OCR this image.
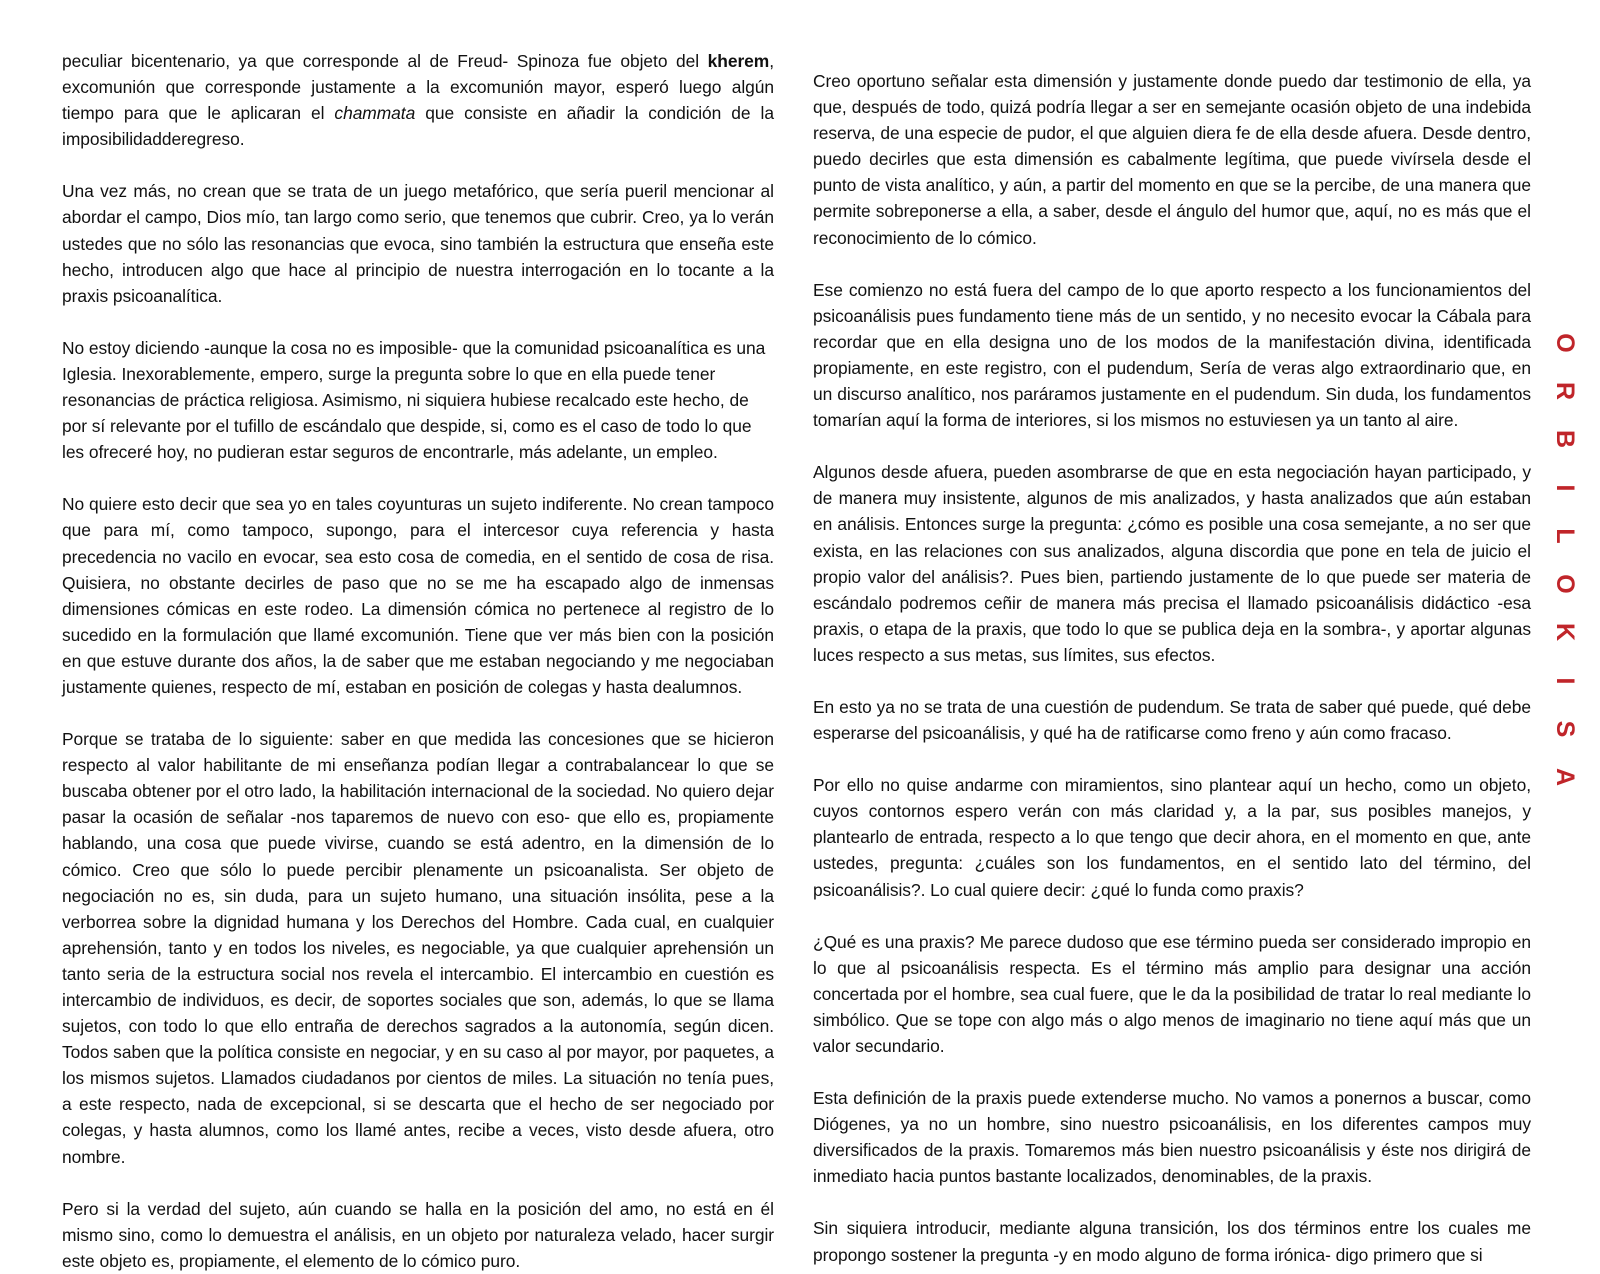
peculiar bicentenario, ya que corresponde al de Freud- Spinoza fue objeto del kherem, excomunión que corresponde justamente a la excomunión mayor, esperó luego algún tiempo para que le aplicaran el chammata que consiste en añadir la condición de la imposibilidadderegreso.

Una vez más, no crean que se trata de un juego metafórico, que sería pueril mencionar al abordar el campo, Dios mío, tan largo como serio, que tenemos que cubrir. Creo, ya lo verán ustedes que no sólo las resonancias que evoca, sino también la estructura que enseña este hecho, introducen algo que hace al principio de nuestra interrogación en lo tocante a la praxis psicoanalítica.

No estoy diciendo -aunque la cosa no es imposible- que la comunidad psicoanalítica es una Iglesia. Inexorablemente, empero, surge la pregunta sobre lo que en ella puede tener resonancias de práctica religiosa. Asimismo, ni siquiera hubiese recalcado este hecho, de por sí relevante por el tufillo de escándalo que despide, si, como es el caso de todo lo que les ofreceré hoy, no pudieran estar seguros de encontrarle, más adelante, un empleo.

No quiere esto decir que sea yo en tales coyunturas un sujeto indiferente. No crean tampoco que para mí, como tampoco, supongo, para el intercesor cuya referencia y hasta precedencia no vacilo en evocar, sea esto cosa de comedia, en el sentido de cosa de risa. Quisiera, no obstante decirles de paso que no se me ha escapado algo de inmensas dimensiones cómicas en este rodeo. La dimensión cómica no pertenece al registro de lo sucedido en la formulación que llamé excomunión. Tiene que ver más bien con la posición en que estuve durante dos años, la de saber que me estaban negociando y me negociaban justamente quienes, respecto de mí, estaban en posición de colegas y hasta dealumnos.

Porque se trataba de lo siguiente: saber en que medida las concesiones que se hicieron respecto al valor habilitante de mi enseñanza podían llegar a contrabalancear lo que se buscaba obtener por el otro lado, la habilitación internacional de la sociedad. No quiero dejar pasar la ocasión de señalar -nos taparemos de nuevo con eso- que ello es, propiamente hablando, una cosa que puede vivirse, cuando se está adentro, en la dimensión de lo cómico. Creo que sólo lo puede percibir plenamente un psicoanalista. Ser objeto de negociación no es, sin duda, para un sujeto humano, una situación insólita, pese a la verborrea sobre la dignidad humana y los Derechos del Hombre. Cada cual, en cualquier aprehensión, tanto y en todos los niveles, es negociable, ya que cualquier aprehensión un tanto seria de la estructura social nos revela el intercambio. El intercambio en cuestión es intercambio de individuos, es decir, de soportes sociales que son, además, lo que se llama sujetos, con todo lo que ello entraña de derechos sagrados a la autonomía, según dicen. Todos saben que la política consiste en negociar, y en su caso al por mayor, por paquetes, a los mismos sujetos. Llamados ciudadanos por cientos de miles. La situación no tenía pues, a este respecto, nada de excepcional, si se descarta que el hecho de ser negociado por colegas, y hasta alumnos, como los llamé antes, recibe a veces, visto desde afuera, otro nombre.

Pero si la verdad del sujeto, aún cuando se halla en la posición del amo, no está en él mismo sino, como lo demuestra el análisis, en un objeto por naturaleza velado, hacer surgir este objeto es, propiamente, el elemento de lo cómico puro.

Creo oportuno señalar esta dimensión y justamente donde puedo dar testimonio de ella, ya que, después de todo, quizá podría llegar a ser en semejante ocasión objeto de una indebida reserva, de una especie de pudor, el que alguien diera fe de ella desde afuera. Desde dentro, puedo decirles que esta dimensión es cabalmente legítima, que puede vivírsela desde el punto de vista analítico, y aún, a partir del momento en que se la percibe, de una manera que permite sobreponerse a ella, a saber, desde el ángulo del humor que, aquí, no es más que el reconocimiento de lo cómico.

Ese comienzo no está fuera del campo de lo que aporto respecto a los funcionamientos del psicoanálisis pues fundamento tiene más de un sentido, y no necesito evocar la Cábala para recordar que en ella designa uno de los modos de la manifestación divina, identificada propiamente, en este registro, con el pudendum, Sería de veras algo extraordinario que, en un discurso analítico, nos paráramos justamente en el pudendum. Sin duda, los fundamentos tomarían aquí la forma de interiores, si los mismos no estuviesen ya un tanto al aire.

Algunos desde afuera, pueden asombrarse de que en esta negociación hayan participado, y de manera muy insistente, algunos de mis analizados, y hasta analizados que aún estaban en análisis. Entonces surge la pregunta: ¿cómo es posible una cosa semejante, a no ser que exista, en las relaciones con sus analizados, alguna discordia que pone en tela de juicio el propio valor del análisis?. Pues bien, partiendo justamente de lo que puede ser materia de escándalo podremos ceñir de manera más precisa el llamado psicoanálisis didáctico -esa praxis, o etapa de la praxis, que todo lo que se publica deja en la sombra-, y aportar algunas luces respecto a sus metas, sus límites, sus efectos.

En esto ya no se trata de una cuestión de pudendum. Se trata de saber qué puede, qué debe esperarse del psicoanálisis, y qué ha de ratificarse como freno y aún como fracaso.

Por ello no quise andarme con miramientos, sino plantear aquí un hecho, como un objeto, cuyos contornos espero verán con más claridad y, a la par, sus posibles manejos, y plantearlo de entrada, respecto a lo que tengo que decir ahora, en el momento en que, ante ustedes, pregunta: ¿cuáles son los fundamentos, en el sentido lato del término, del psicoanálisis?. Lo cual quiere decir: ¿qué lo funda como praxis?

¿Qué es una praxis? Me parece dudoso que ese término pueda ser considerado impropio en lo que al psicoanálisis respecta. Es el término más amplio para designar una acción concertada por el hombre, sea cual fuere, que le da la posibilidad de tratar lo real mediante lo simbólico. Que se tope con algo más o algo menos de imaginario no tiene aquí más que un valor secundario.

Esta definición de la praxis puede extenderse mucho. No vamos a ponernos a buscar, como Diógenes, ya no un hombre, sino nuestro psicoanálisis, en los diferentes campos muy diversificados de la praxis. Tomaremos más bien nuestro psicoanálisis y éste nos dirigirá de inmediato hacia puntos bastante localizados, denominables, de la praxis.

Sin siquiera introducir, mediante alguna transición, los dos términos entre los cuales me propongo sostener la pregunta -y en modo alguno de forma irónica- digo primero que si

O
R
B
I
L
O
K
I
S
A
